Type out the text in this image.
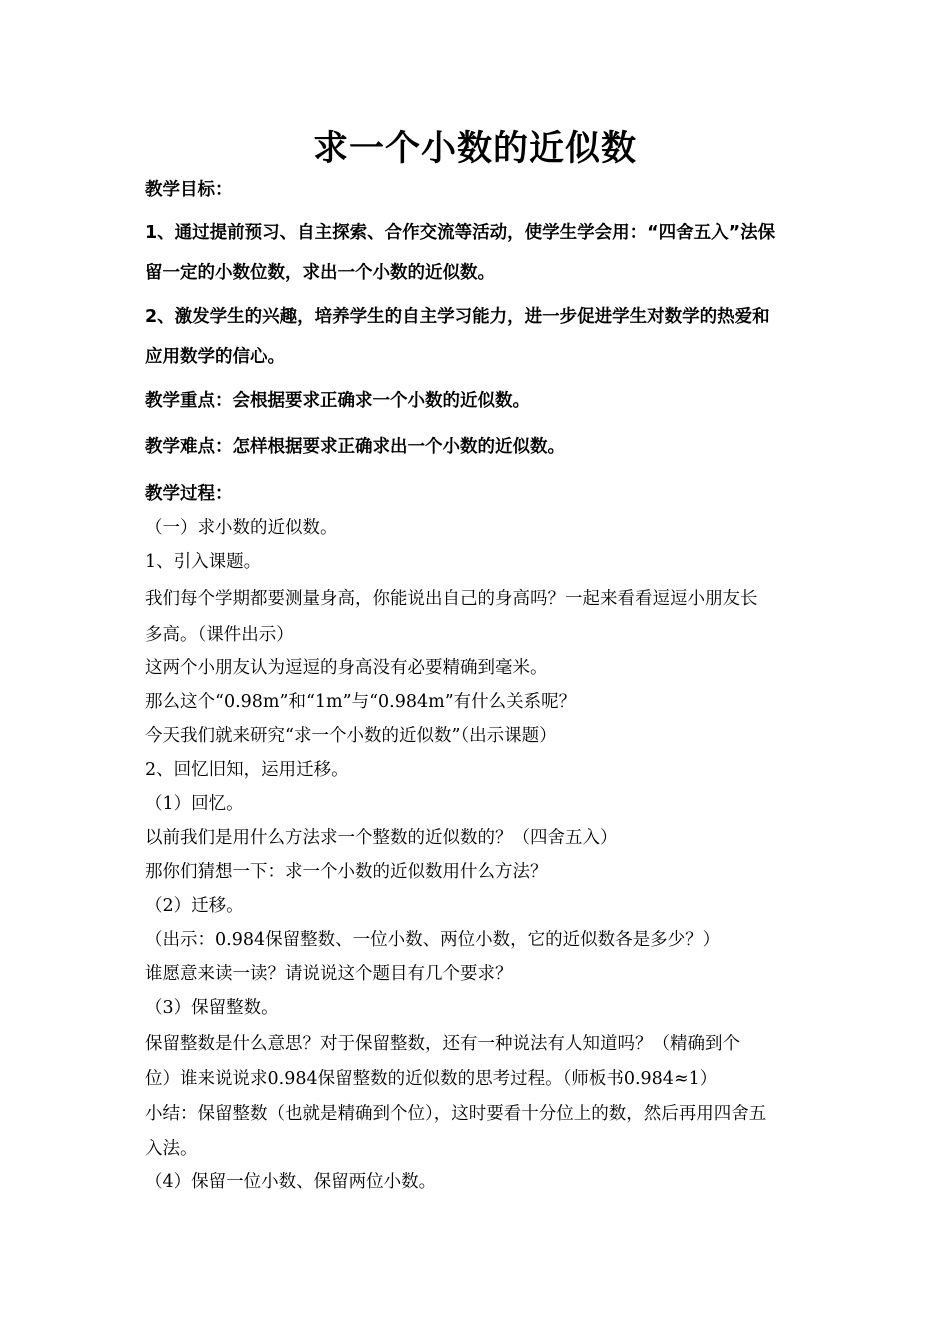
求一个小数的近似数
教学目标：
1、通过提前预习、自主探索、合作交流等活动，使学生学会用：“四舍五入”法保
留一定的小数位数，求出一个小数的近似数。
2、激发学生的兴趣，培养学生的自主学习能力，进一步促进学生对数学的热爱和
应用数学的信心。
教学重点：会根据要求正确求一个小数的近似数。
教学难点：怎样根据要求正确求出一个小数的近似数。
教学过程：
（一）求小数的近似数。
1、引入课题。
我们每个学期都要测量身高，你能说出自己的身高吗？一起来看看逗逗小朋友长
多高。（课件出示）
这两个小朋友认为逗逗的身高没有必要精确到毫米。
那么这个“0.98m”和“1m”与“0.984m”有什么关系呢？
今天我们就来研究“求一个小数的近似数”（出示课题）
2、回忆旧知，运用迁移。
（1）回忆。
以前我们是用什么方法求一个整数的近似数的？（四舍五入）
那你们猜想一下：求一个小数的近似数用什么方法？
（2）迁移。
（出示：0.984保留整数、一位小数、两位小数，它的近似数各是多少？）
谁愿意来读一读？请说说这个题目有几个要求？
（3）保留整数。
保留整数是什么意思？对于保留整数，还有一种说法有人知道吗？（精确到个
位）谁来说说求0.984保留整数的近似数的思考过程。（师板书0.984≈1）
小结：保留整数（也就是精确到个位），这时要看十分位上的数，然后再用四舍五
入法。
（4）保留一位小数、保留两位小数。
